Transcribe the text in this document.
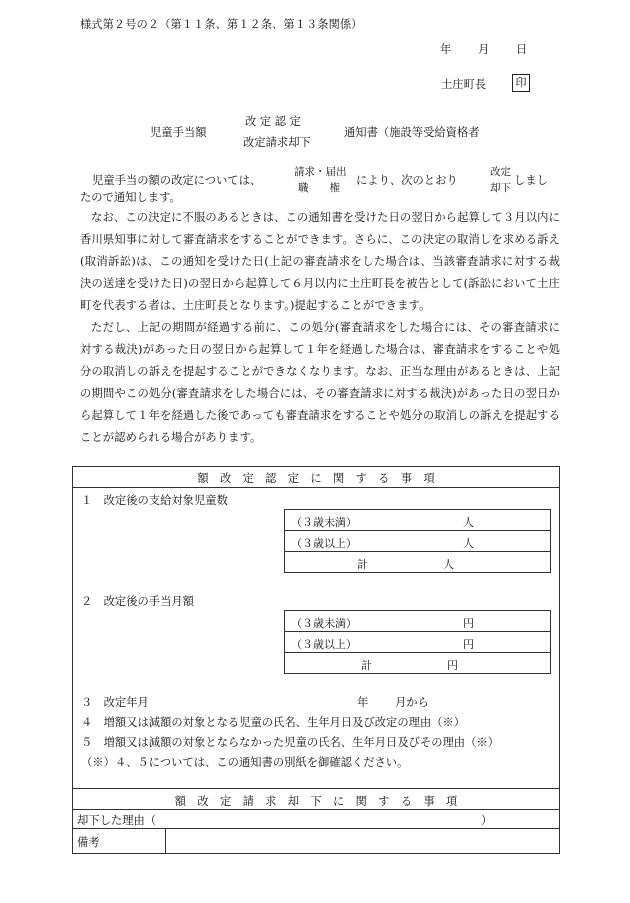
様式第２号の２（第１１条、第１２条、第１３条関係）
年 月 日
土庄町長	印
児童手当額
改 定 認 定
改定請求却下
通知書（施設等受給資格者
児童手当の額の改定については、
請求・届出
職　　権
により、次のとおり
改定
却下
しまし
たので通知します。
なお、この決定に不服のあるときは、この通知書を受けた日の翌日から起算して３月以内に香川県知事に対して審査請求をすることができます。さらに、この決定の取消しを求める訴え(取消訴訟)は、この通知を受けた日(上記の審査請求をした場合は、当該審査請求に対する裁決の送達を受けた日)の翌日から起算して６月以内に土庄町長を被告として(訴訟において土庄町を代表する者は、土庄町長となります。)提起することができます。
ただし、上記の期間が経過する前に、この処分(審査請求をした場合には、その審査請求に対する裁決)があった日の翌日から起算して１年を経過した場合は、審査請求をすることや処分の取消しの訴えを提起することができなくなります。なお、正当な理由があるときは、上記の期間やこの処分(審査請求をした場合には、その審査請求に対する裁決)があった日の翌日から起算して１年を経過した後であっても審査請求をすることや処分の取消しの訴えを提起することが認められる場合があります。
額　改　定　認　定　に　関　す　る　事　項
１　改定後の支給対象児童数
（３歳未満）	人
（３歳以上）	人
計	人
２　改定後の手当月額
（３歳未満）	円
（３歳以上）	円
計	円
３　改定年月	年 月から
４　増額又は減額の対象となる児童の氏名、生年月日及び改定の理由（※）
５　増額又は減額の対象とならなかった児童の氏名、生年月日及びその理由（※）
（※）４、５については、この通知書の別紙を御確認ください。
額　改　定　請　求　却　下　に　関　す　る　事　項
却下した理由（	）
備考
